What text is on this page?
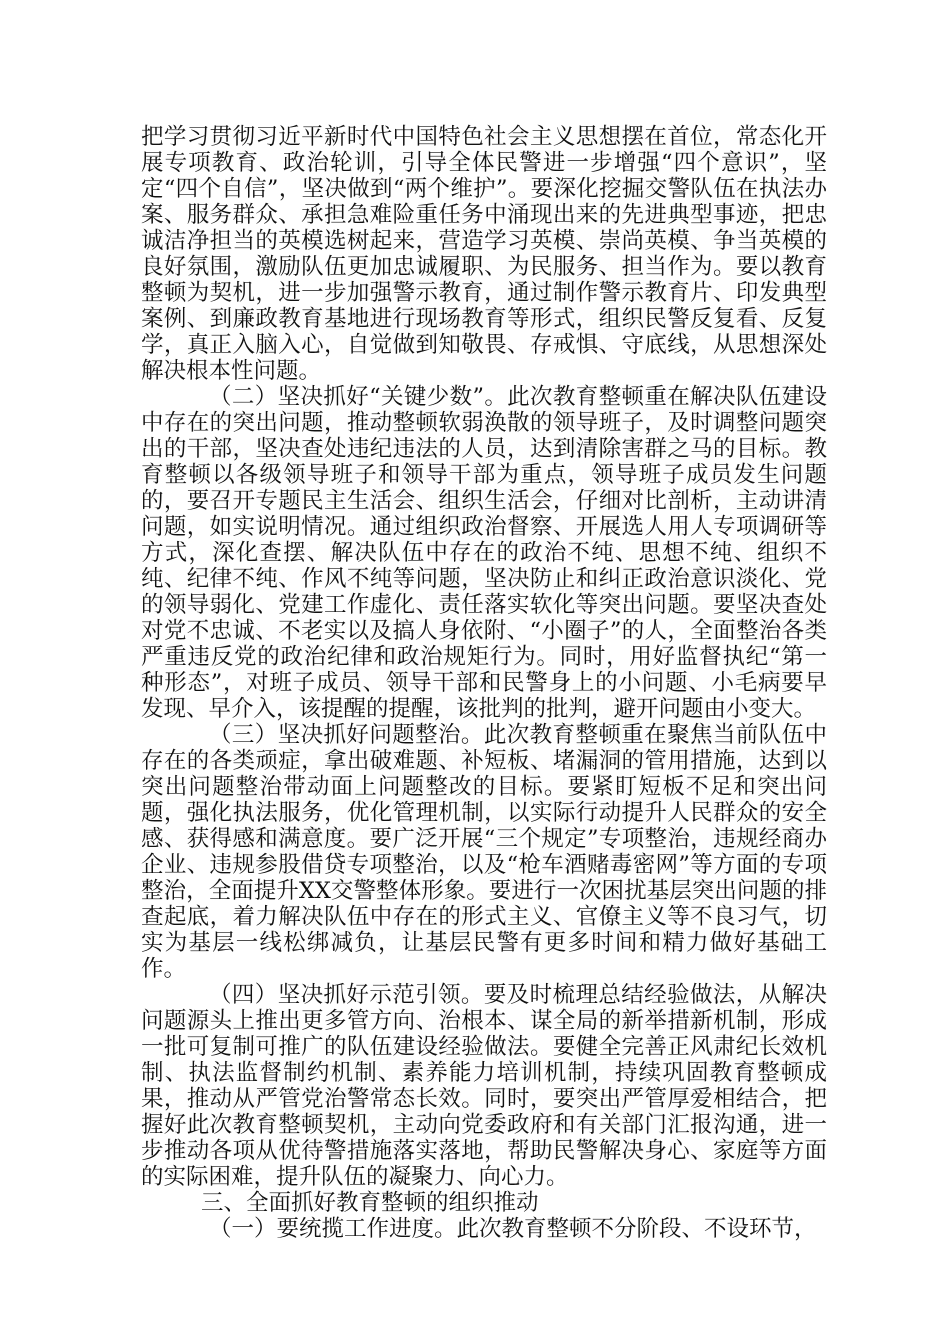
把学习贯彻习近平新时代中国特色社会主义思想摆在首位，常态化开展专项教育、政治轮训，引导全体民警进一步增强“四个意识”，坚定“四个自信”，坚决做到“两个维护”。要深化挖掘交警队伍在执法办案、服务群众、承担急难险重任务中涌现出来的先进典型事迹，把忠诚洁净担当的英模选树起来，营造学习英模、崇尚英模、争当英模的良好氛围，激励队伍更加忠诚履职、为民服务、担当作为。要以教育整顿为契机，进一步加强警示教育，通过制作警示教育片、印发典型案例、到廉政教育基地进行现场教育等形式，组织民警反复看、反复学，真正入脑入心，自觉做到知敬畏、存戒惧、守底线，从思想深处解决根本性问题。

（二）坚决抓好“关键少数”。此次教育整顿重在解决队伍建设中存在的突出问题，推动整顿软弱涣散的领导班子，及时调整问题突出的干部，坚决查处违纪违法的人员，达到清除害群之马的目标。教育整顿以各级领导班子和领导干部为重点，领导班子成员发生问题的，要召开专题民主生活会、组织生活会，仔细对比剖析，主动讲清问题，如实说明情况。通过组织政治督察、开展选人用人专项调研等方式，深化查摆、解决队伍中存在的政治不纯、思想不纯、组织不纯、纪律不纯、作风不纯等问题，坚决防止和纠正政治意识淡化、党的领导弱化、党建工作虚化、责任落实软化等突出问题。要坚决查处对党不忠诚、不老实以及搞人身依附、“小圈子”的人，全面整治各类严重违反党的政治纪律和政治规矩行为。同时，用好监督执纪“第一种形态”，对班子成员、领导干部和民警身上的小问题、小毛病要早发现、早介入，该提醒的提醒，该批判的批判，避开问题由小变大。

（三）坚决抓好问题整治。此次教育整顿重在聚焦当前队伍中存在的各类顽症，拿出破难题、补短板、堵漏洞的管用措施，达到以突出问题整治带动面上问题整改的目标。要紧盯短板不足和突出问题，强化执法服务，优化管理机制，以实际行动提升人民群众的安全感、获得感和满意度。要广泛开展“三个规定”专项整治，违规经商办企业、违规参股借贷专项整治，以及“枪车酒赌毒密网”等方面的专项整治，全面提升XX交警整体形象。要进行一次困扰基层突出问题的排查起底，着力解决队伍中存在的形式主义、官僚主义等不良习气，切实为基层一线松绑减负，让基层民警有更多时间和精力做好基础工作。

（四）坚决抓好示范引领。要及时梳理总结经验做法，从解决问题源头上推出更多管方向、治根本、谋全局的新举措新机制，形成一批可复制可推广的队伍建设经验做法。要健全完善正风肃纪长效机制、执法监督制约机制、素养能力培训机制，持续巩固教育整顿成果，推动从严管党治警常态长效。同时，要突出严管厚爱相结合，把握好此次教育整顿契机，主动向党委政府和有关部门汇报沟通，进一步推动各项从优待警措施落实落地，帮助民警解决身心、家庭等方面的实际困难，提升队伍的凝聚力、向心力。

三、全面抓好教育整顿的组织推动

（一）要统揽工作进度。此次教育整顿不分阶段、不设环节，
